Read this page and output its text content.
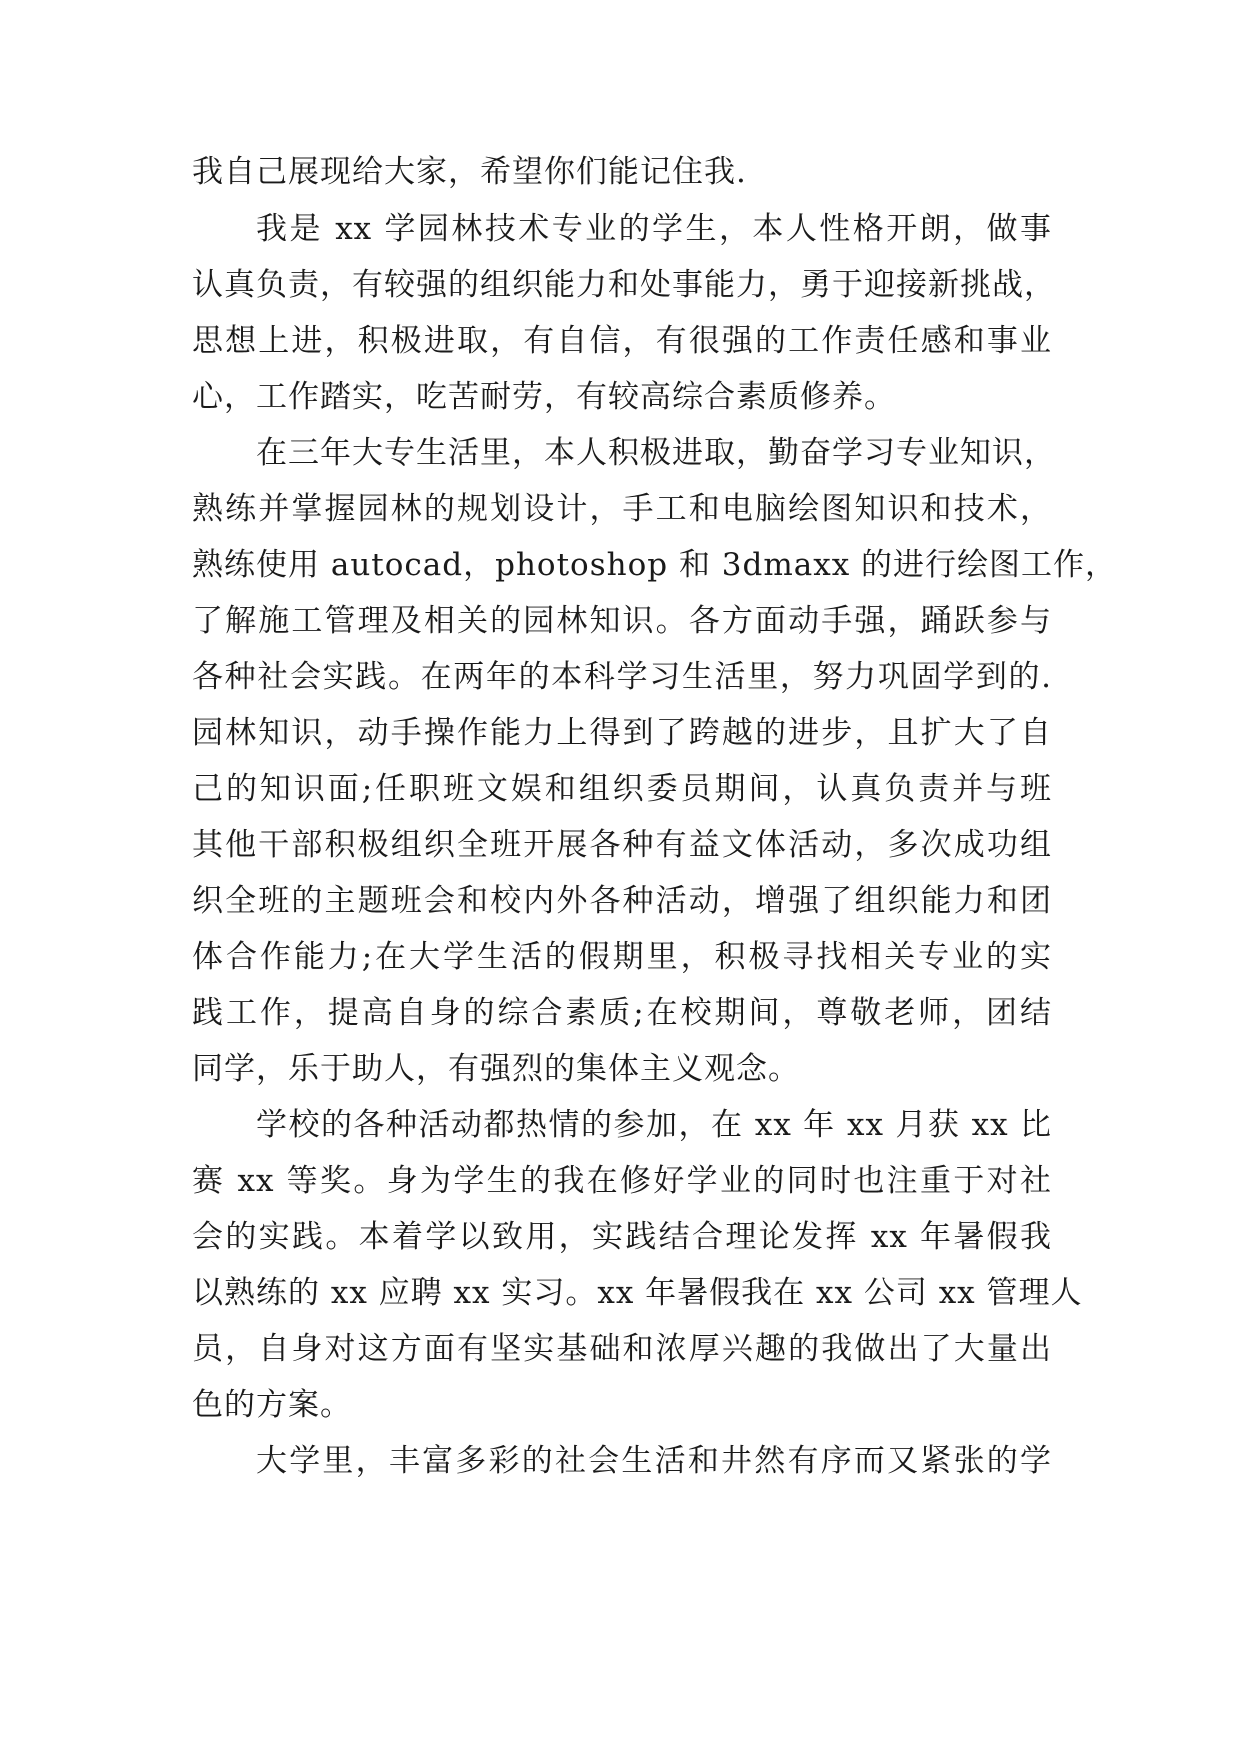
我自己展现给大家，希望你们能记住我.
我是 xx 学园林技术专业的学生，本人性格开朗，做事
认真负责，有较强的组织能力和处事能力，勇于迎接新挑战，
思想上进，积极进取，有自信，有很强的工作责任感和事业
心，工作踏实，吃苦耐劳，有较高综合素质修养。
在三年大专生活里，本人积极进取，勤奋学习专业知识，
熟练并掌握园林的规划设计，手工和电脑绘图知识和技术，
熟练使用 autocad，photoshop 和 3dmaxx 的进行绘图工作，
了解施工管理及相关的园林知识。各方面动手强，踊跃参与
各种社会实践。在两年的本科学习生活里，努力巩固学到的.
园林知识，动手操作能力上得到了跨越的进步，且扩大了自
己的知识面;任职班文娱和组织委员期间，认真负责并与班
其他干部积极组织全班开展各种有益文体活动，多次成功组
织全班的主题班会和校内外各种活动，增强了组织能力和团
体合作能力;在大学生活的假期里，积极寻找相关专业的实
践工作，提高自身的综合素质;在校期间，尊敬老师，团结
同学，乐于助人，有强烈的集体主义观念。
学校的各种活动都热情的参加，在 xx 年 xx 月获 xx 比
赛 xx 等奖。身为学生的我在修好学业的同时也注重于对社
会的实践。本着学以致用，实践结合理论发挥 xx 年暑假我
以熟练的 xx 应聘 xx 实习。xx 年暑假我在 xx 公司 xx 管理人
员，自身对这方面有坚实基础和浓厚兴趣的我做出了大量出
色的方案。
大学里，丰富多彩的社会生活和井然有序而又紧张的学
